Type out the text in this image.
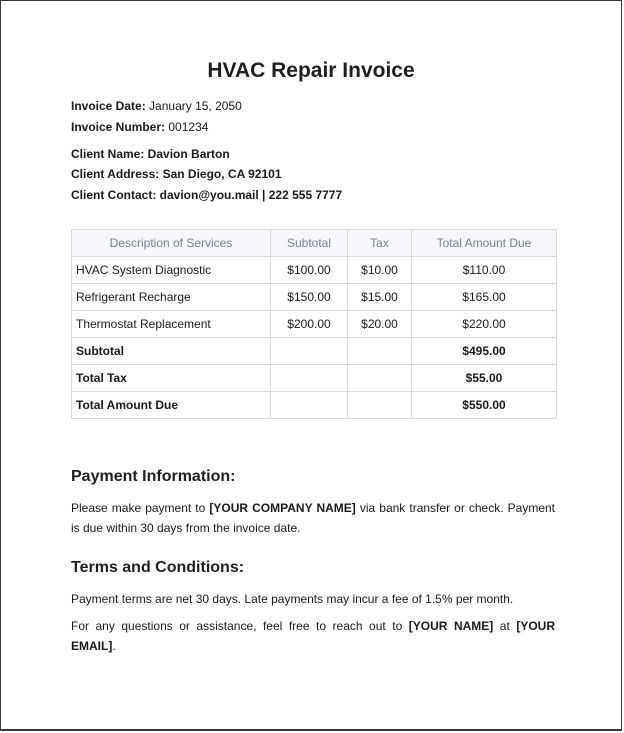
HVAC Repair Invoice
Invoice Date: January 15, 2050
Invoice Number: 001234
Client Name: Davion Barton
Client Address: San Diego, CA 92101
Client Contact: davion@you.mail | 222 555 7777
Description of Services	Subtotal	Tax	Total Amount Due
HVAC System Diagnostic	$100.00	$10.00	$110.00
Refrigerant Recharge	$150.00	$15.00	$165.00
Thermostat Replacement	$200.00	$20.00	$220.00
Subtotal			$495.00
Total Tax			$55.00
Total Amount Due			$550.00
Payment Information:
Please make payment to [YOUR COMPANY NAME] via bank transfer or check. Payment is due within 30 days from the invoice date.
Terms and Conditions:
Payment terms are net 30 days. Late payments may incur a fee of 1.5% per month.
For any questions or assistance, feel free to reach out to [YOUR NAME] at [YOUR EMAIL].
